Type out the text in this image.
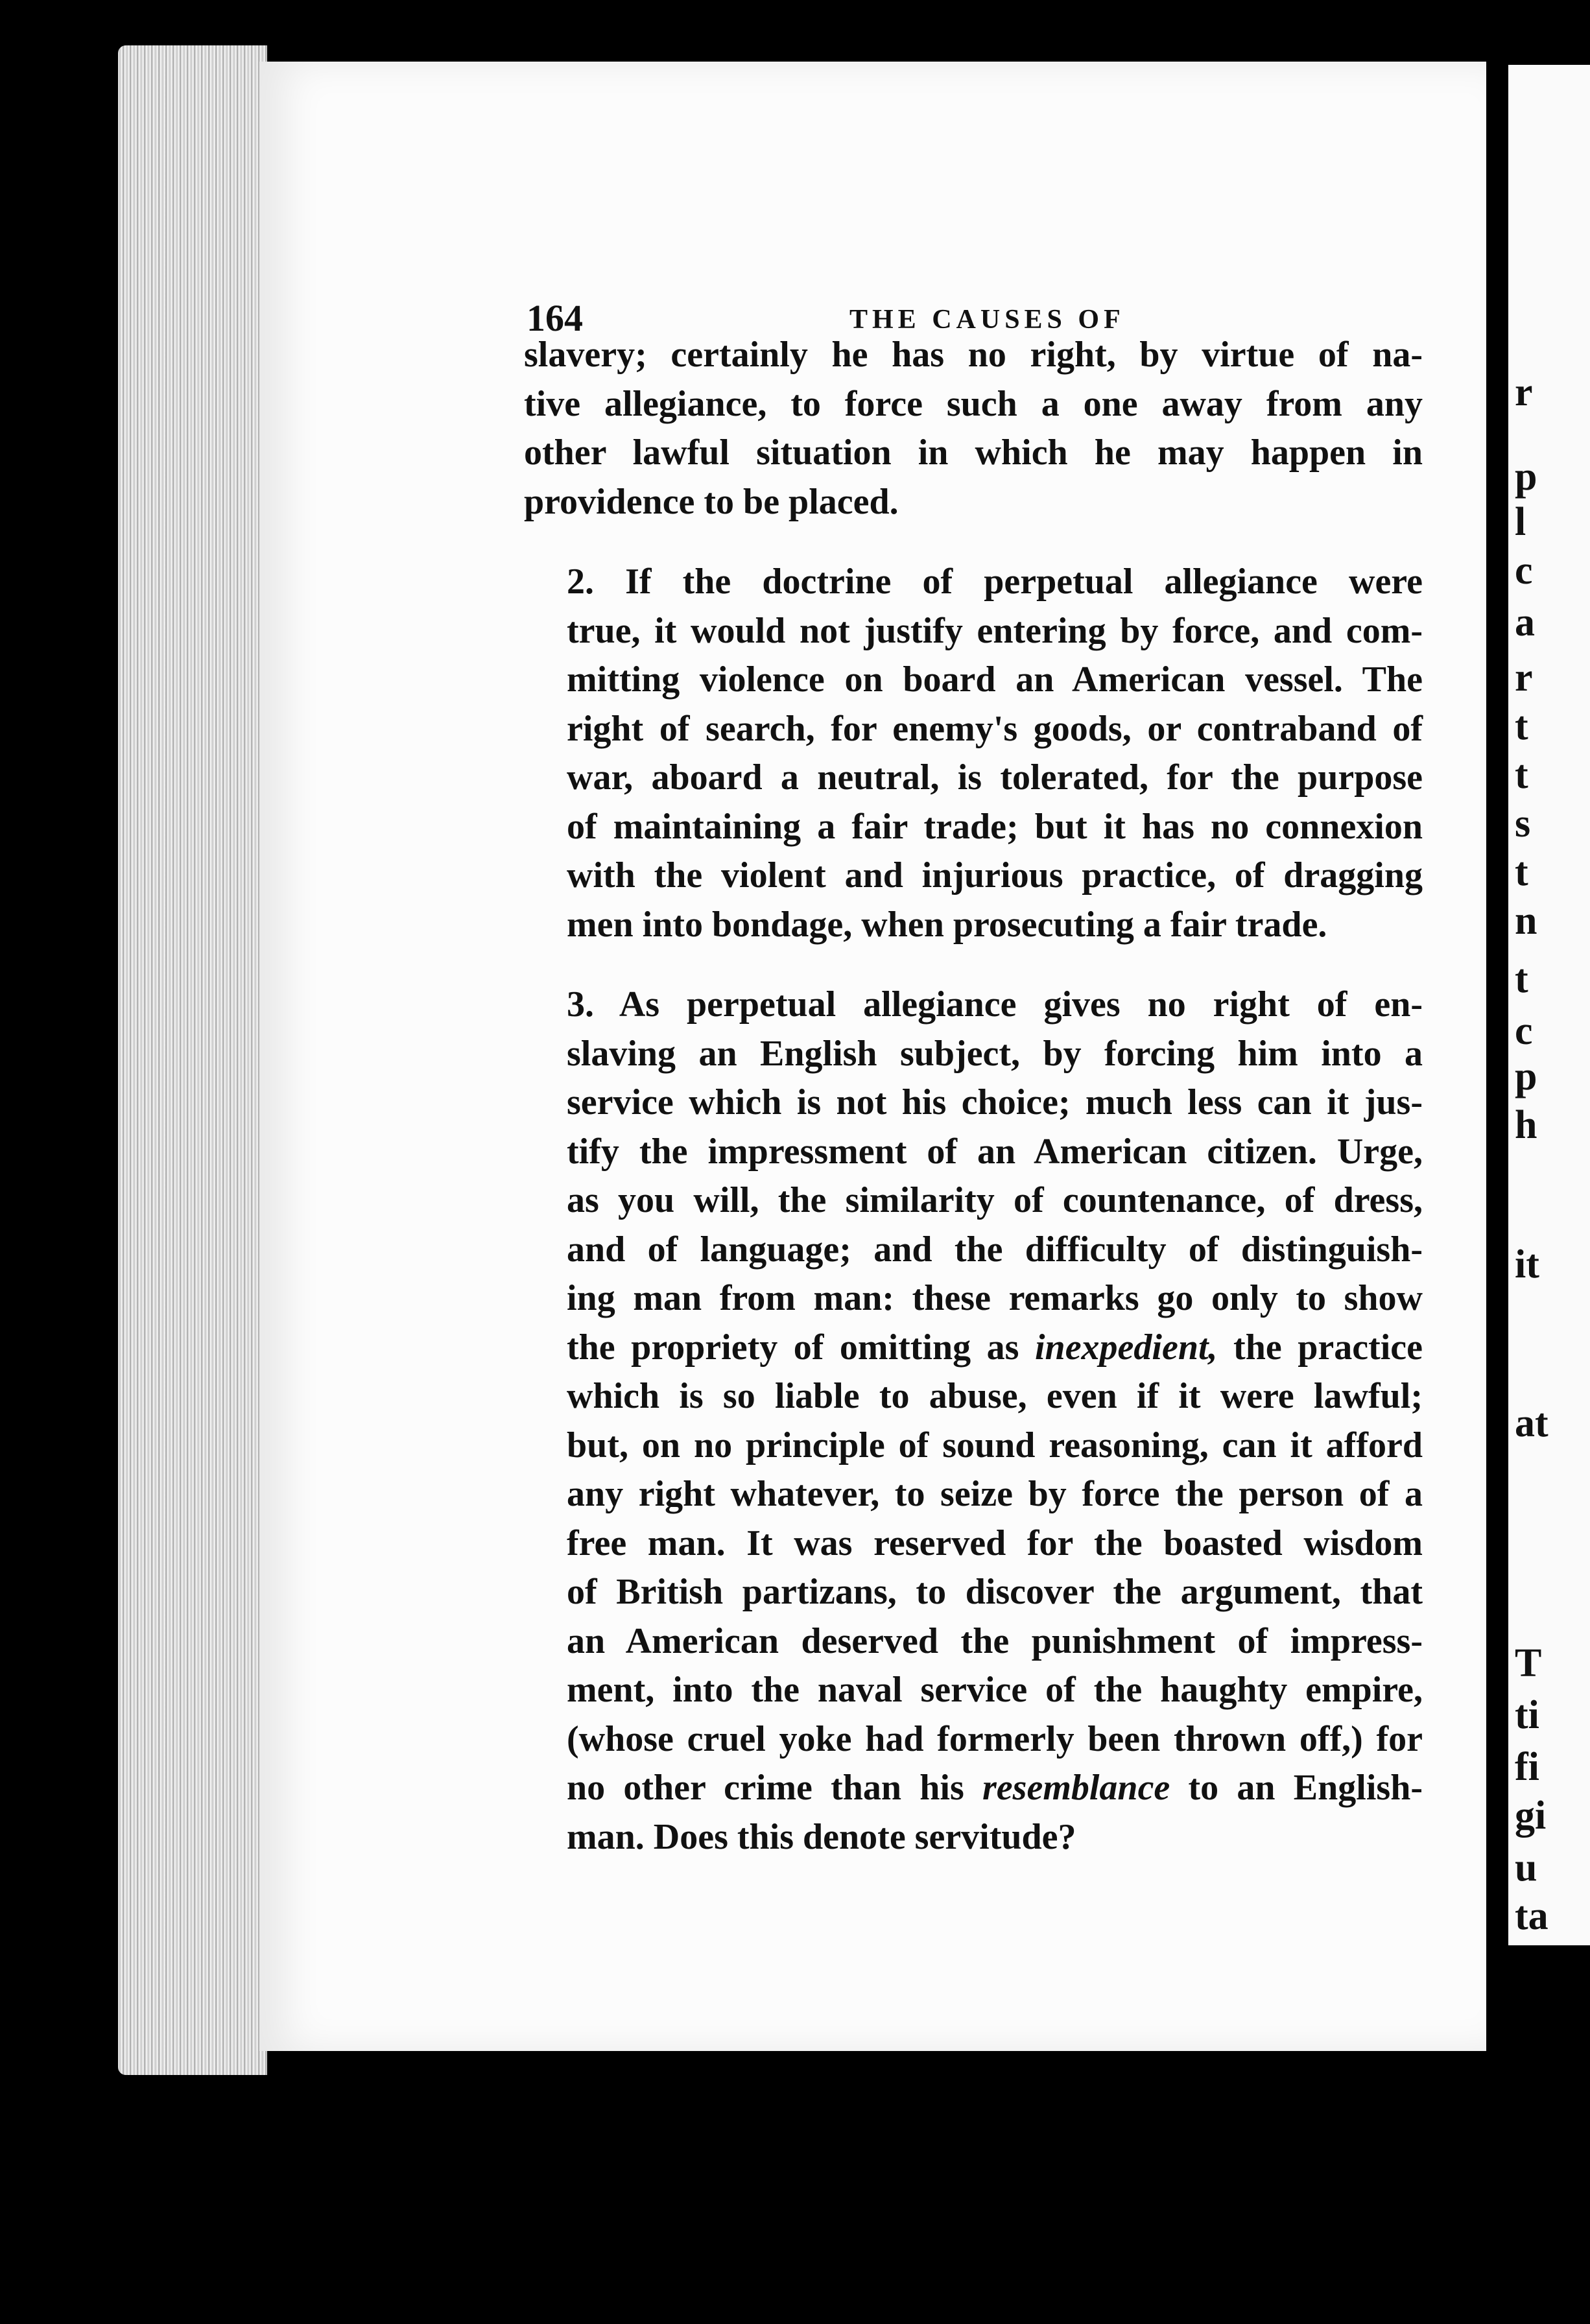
164	THE CAUSES OF

slavery; certainly he has no right, by virtue of na-
tive allegiance, to force such a one away from any
other lawful situation in which he may happen in
providence to be placed.

2. If the doctrine of perpetual allegiance were
true, it would not justify entering by force, and com-
mitting violence on board an American vessel. The
right of search, for enemy's goods, or contraband of
war, aboard a neutral, is tolerated, for the purpose
of maintaining a fair trade; but it has no connexion
with the violent and injurious practice, of dragging
men into bondage, when prosecuting a fair trade.

3. As perpetual allegiance gives no right of en-
slaving an English subject, by forcing him into a
service which is not his choice; much less can it jus-
tify the impressment of an American citizen. Urge,
as you will, the similarity of countenance, of dress,
and of language; and the difficulty of distinguish-
ing man from man: these remarks go only to show
the propriety of omitting as inexpedient, the practice
which is so liable to abuse, even if it were lawful;
but, on no principle of sound reasoning, can it afford
any right whatever, to seize by force the person of a
free man. It was reserved for the boasted wisdom
of British partizans, to discover the argument, that
an American deserved the punishment of impress-
ment, into the naval service of the haughty empire,
(whose cruel yoke had formerly been thrown off,) for
no other crime than his resemblance to an English-
man. Does this denote servitude?

r
p
l
c
a
r
t
t
s
t
n
t
c
p
h
it
at
T
ti
fi
gi
u
ta
